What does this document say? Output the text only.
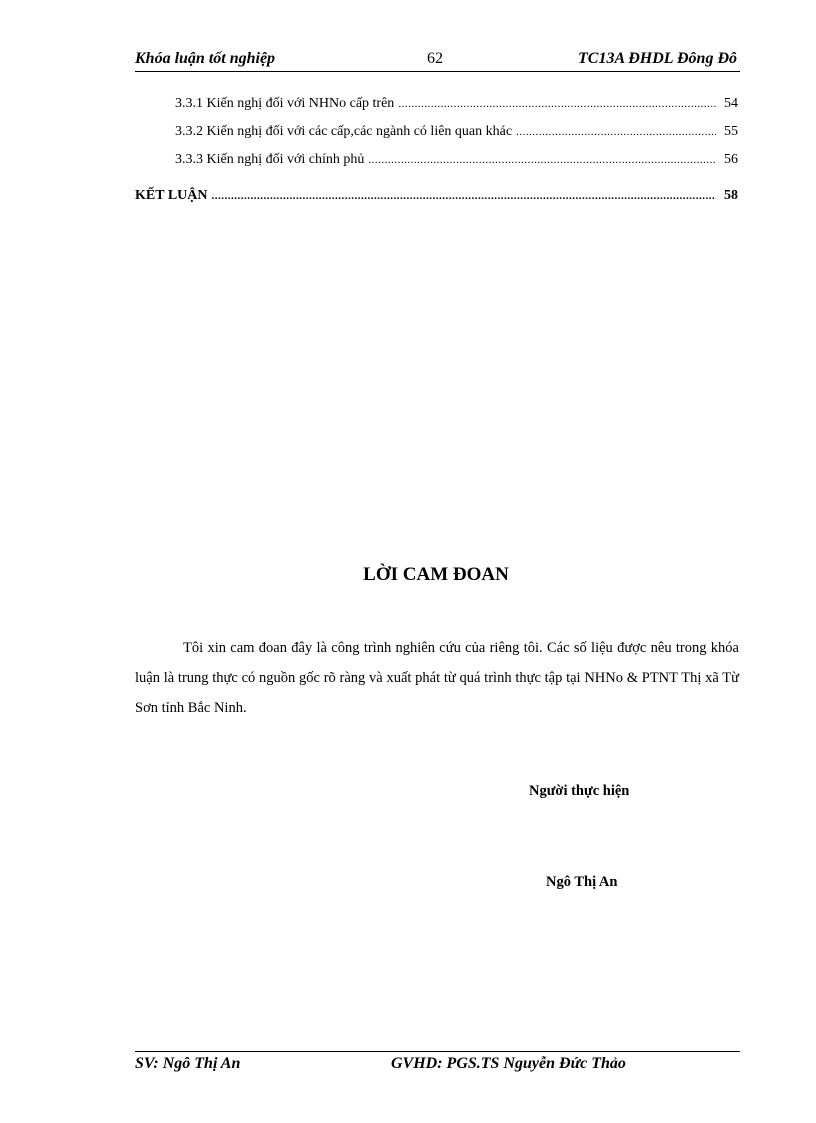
Khóa luận tốt nghiệp	62	TC13A ĐHDL Đông Đô
3.3.1 Kiến nghị đối với NHNo cấp trên .....	54
3.3.2 Kiến nghị đối với các cấp,các ngành có liên quan khác .....	55
3.3.3 Kiến nghị đối với chính phủ .....	56
KẾT LUẬN .....	58
LỜI CAM ĐOAN
Tôi xin cam đoan đây là công trình nghiên cứu của riêng tôi. Các số liệu được nêu trong khóa luận là trung thực có nguồn gốc rõ ràng và xuất phát từ quá trình thực tập tại NHNo & PTNT Thị xã Từ Sơn tỉnh Bắc Ninh.
Người thực hiện
Ngô Thị An
SV: Ngô Thị An	GVHD: PGS.TS Nguyễn Đức Thảo
